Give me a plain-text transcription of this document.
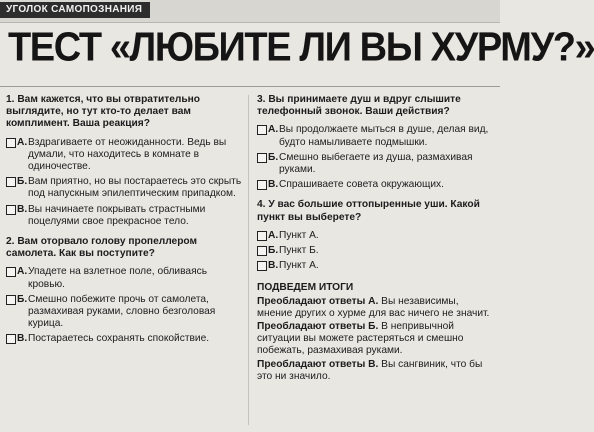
УГОЛОК САМОПОЗНАНИЯ
ТЕСТ «ЛЮБИТЕ ЛИ ВЫ ХУРМУ?»
1. Вам кажется, что вы отвратительно выглядите, но тут кто-то делает вам комплимент. Ваша реакция?
А. Вздрагиваете от неожиданности. Ведь вы думали, что находитесь в комнате в одиночестве.
Б. Вам приятно, но вы постараетесь это скрыть под напускным эпилептическим припадком.
В. Вы начинаете покрывать страстными поцелуями свое прекрасное тело.
2. Вам оторвало голову пропеллером самолета. Как вы поступите?
А. Упадете на взлетное поле, обливаясь кровью.
Б. Смешно побежите прочь от самолета, размахивая руками, словно безголовая курица.
В. Постараетесь сохранять спокойствие.
3. Вы принимаете душ и вдруг слышите телефонный звонок. Ваши действия?
А. Вы продолжаете мыться в душе, делая вид, будто намыливаете подмышки.
Б. Смешно выбегаете из душа, размахивая руками.
В. Спрашиваете совета окружающих.
4. У вас большие оттопыренные уши. Какой пункт вы выберете?
А. Пункт А.
Б. Пункт Б.
В. Пункт А.
ПОДВЕДЕМ ИТОГИ
Преобладают ответы А. Вы независимы, мнение других о хурме для вас ничего не значит.
Преобладают ответы Б. В непривычной ситуации вы можете растеряться и смешно побежать, размахивая руками.
Преобладают ответы В. Вы сангвиник, что бы это ни значило.
